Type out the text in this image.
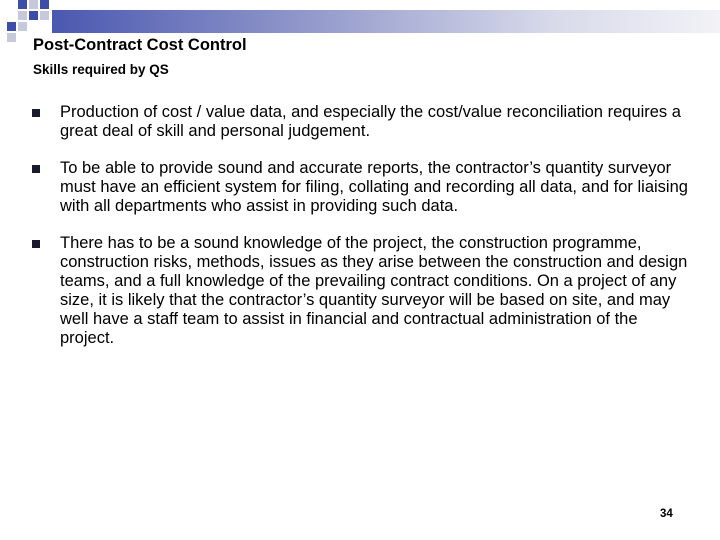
Post-Contract Cost Control
Skills required by QS
Production of cost / value data, and especially the cost/value reconciliation requires a great deal of skill and personal judgement.
To be able to provide sound and accurate reports, the contractor’s quantity surveyor must have an efficient system for filing, collating and recording all data, and for liaising with all departments who assist in providing such data.
There has to be a sound knowledge of the project, the construction programme, construction risks, methods, issues as they arise between the construction and design teams, and a full knowledge of the prevailing contract conditions. On a project of any size, it is likely that the contractor’s quantity surveyor will be based on site, and may well have a staff team to assist in financial and contractual administration of the project.
34
